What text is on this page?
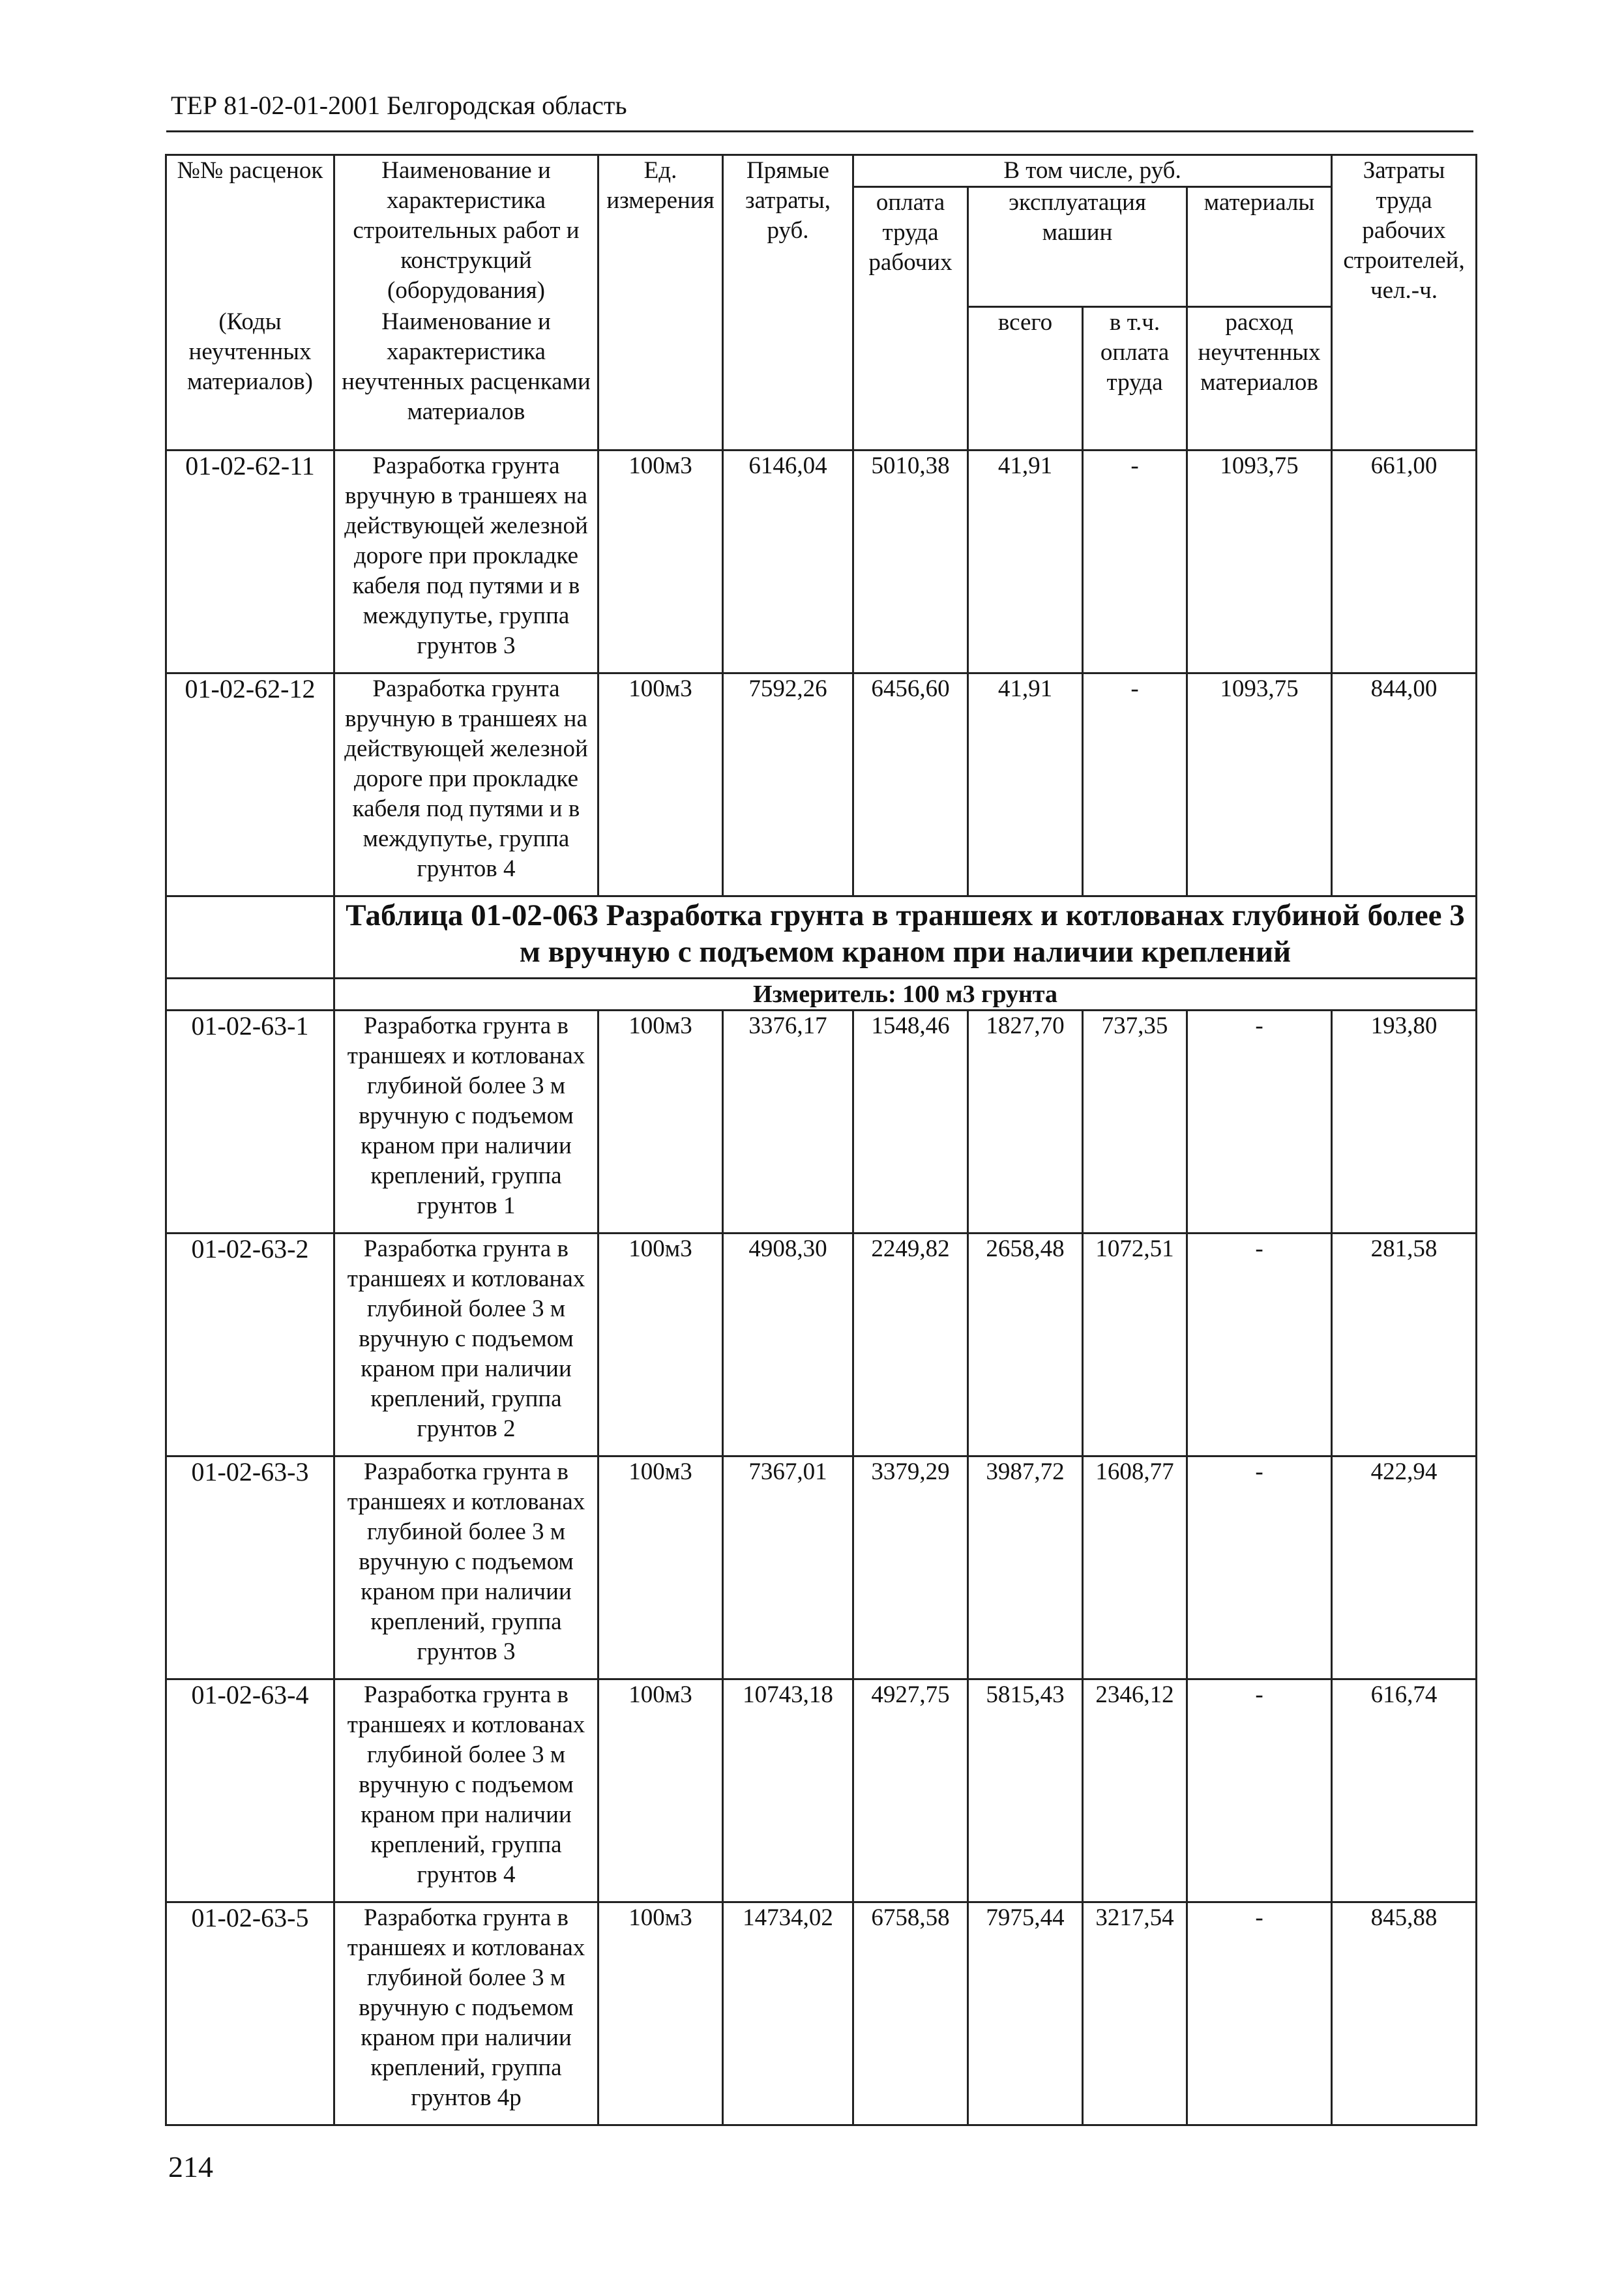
ТЕР 81-02-01-2001 Белгородская область
№№ расценок	Наименование и характеристика строительных работ и конструкций (оборудования)	Ед. измерения	Прямые затраты, руб.	В том числе, руб.				Затраты труда рабочих строителей, чел.-ч.
				оплата труда рабочих	эксплуатация машин		материалы	
(Коды неучтенных материалов)	Наименование и характеристика неучтенных расценками материалов				всего	в т.ч. оплата труда	расход неучтенных материалов	

01-02-62-11	Разработка грунта вручную в траншеях на действующей железной дороге при прокладке кабеля под путями и в междупутье, группа грунтов 3	100м3	6146,04	5010,38	41,91	-	1093,75	661,00
01-02-62-12	Разработка грунта вручную в траншеях на действующей железной дороге при прокладке кабеля под путями и в междупутье, группа грунтов 4	100м3	7592,26	6456,60	41,91	-	1093,75	844,00
	Таблица 01-02-063 Разработка грунта в траншеях и котлованах глубиной более 3 м вручную с подъемом краном при наличии креплений							
	Измеритель: 100 м3 грунта							
01-02-63-1	Разработка грунта в траншеях и котлованах глубиной более 3 м вручную с подъемом краном при наличии креплений, группа грунтов 1	100м3	3376,17	1548,46	1827,70	737,35	-	193,80
01-02-63-2	Разработка грунта в траншеях и котлованах глубиной более 3 м вручную с подъемом краном при наличии креплений, группа грунтов 2	100м3	4908,30	2249,82	2658,48	1072,51	-	281,58
01-02-63-3	Разработка грунта в траншеях и котлованах глубиной более 3 м вручную с подъемом краном при наличии креплений, группа грунтов 3	100м3	7367,01	3379,29	3987,72	1608,77	-	422,94
01-02-63-4	Разработка грунта в траншеях и котлованах глубиной более 3 м вручную с подъемом краном при наличии креплений, группа грунтов 4	100м3	10743,18	4927,75	5815,43	2346,12	-	616,74
01-02-63-5	Разработка грунта в траншеях и котлованах глубиной более 3 м вручную с подъемом краном при наличии креплений, группа грунтов 4р	100м3	14734,02	6758,58	7975,44	3217,54	-	845,88
214
